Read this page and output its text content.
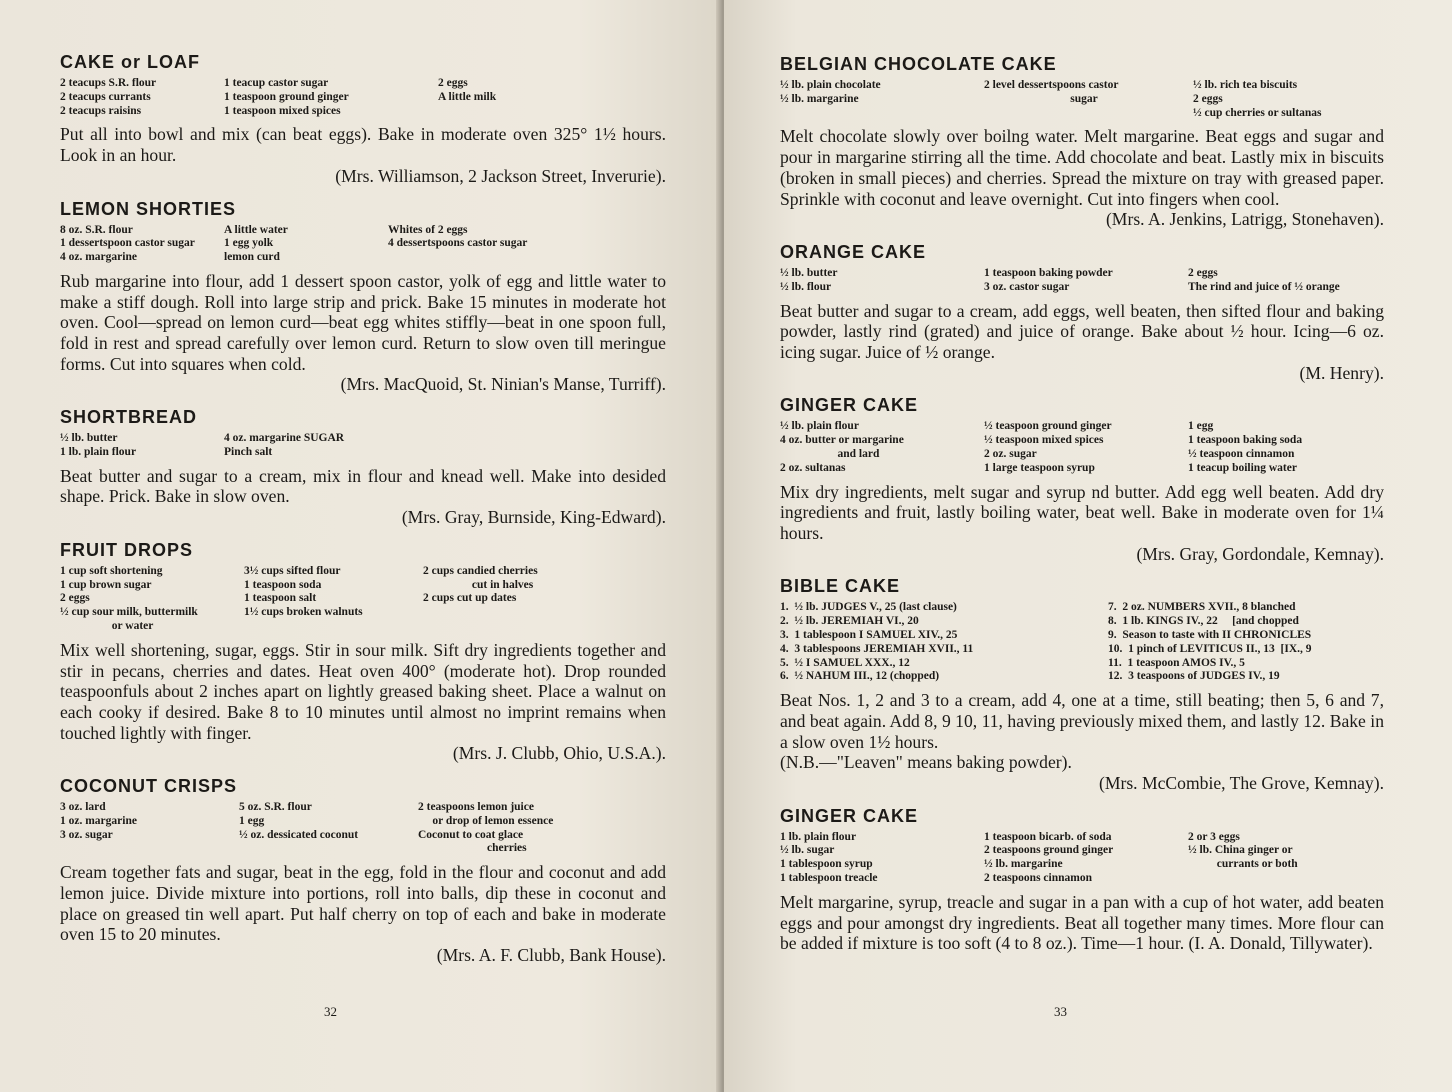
CAKE or LOAF
2 teacups S.R. flour
2 teacups currants
2 teacups raisins
1 teacup castor sugar
1 teaspoon ground ginger
1 teaspoon mixed spices
2 eggs
A little milk

Put all into bowl and mix (can beat eggs). Bake in moderate oven 325° 1½ hours. Look in an hour.

(Mrs. Williamson, 2 Jackson Street, Inverurie).

LEMON SHORTIES
8 oz. S.R. flour
1 dessertspoon castor sugar
4 oz. margarine
A little water
1 egg yolk
lemon curd
Whites of 2 eggs
4 dessertspoons castor sugar

Rub margarine into flour, add 1 dessert spoon castor, yolk of egg and little water to make a stiff dough. Roll into large strip and prick. Bake 15 minutes in moderate hot oven. Cool—spread on lemon curd—beat egg whites stiffly—beat in one spoon full, fold in rest and spread carefully over lemon curd. Return to slow oven till meringue forms. Cut into squares when cold.

(Mrs. MacQuoid, St. Ninian's Manse, Turriff).

SHORTBREAD
½ lb. butter
1 lb. plain flour
4 oz. margarine SUGAR
Pinch salt

Beat butter and sugar to a cream, mix in flour and knead well. Make into desided shape. Prick. Bake in slow oven.

(Mrs. Gray, Burnside, King-Edward).

FRUIT DROPS
1 cup soft shortening
1 cup brown sugar
2 eggs
½ cup sour milk, buttermilk
or water
3½ cups sifted flour
1 teaspoon soda
1 teaspoon salt
1½ cups broken walnuts
2 cups candied cherries
cut in halves
2 cups cut up dates

Mix well shortening, sugar, eggs. Stir in sour milk. Sift dry ingredients together and stir in pecans, cherries and dates. Heat oven 400° (moderate hot). Drop rounded teaspoonfuls about 2 inches apart on lightly greased baking sheet. Place a walnut on each cooky if desired. Bake 8 to 10 minutes until almost no imprint remains when touched lightly with finger.

(Mrs. J. Clubb, Ohio, U.S.A.).

COCONUT CRISPS
3 oz. lard
1 oz. margarine
3 oz. sugar
5 oz. S.R. flour
1 egg
½ oz. dessicated coconut
2 teaspoons lemon juice
or drop of lemon essence
Coconut to coat glace
cherries

Cream together fats and sugar, beat in the egg, fold in the flour and coconut and add lemon juice. Divide mixture into portions, roll into balls, dip these in coconut and place on greased tin well apart. Put half cherry on top of each and bake in moderate oven 15 to 20 minutes.

(Mrs. A. F. Clubb, Bank House).

32
BELGIAN CHOCOLATE CAKE
½ lb. plain chocolate
½ lb. margarine
2 level dessertspoons castor
sugar
½ lb. rich tea biscuits
2 eggs
½ cup cherries or sultanas

Melt chocolate slowly over boilng water. Melt margarine. Beat eggs and sugar and pour in margarine stirring all the time. Add chocolate and beat. Lastly mix in biscuits (broken in small pieces) and cherries. Spread the mixture on tray with greased paper. Sprinkle with coconut and leave overnight. Cut into fingers when cool.

(Mrs. A. Jenkins, Latrigg, Stonehaven).

ORANGE CAKE
½ lb. butter
½ lb. flour
1 teaspoon baking powder
3 oz. castor sugar
2 eggs
The rind and juice of ½ orange

Beat butter and sugar to a cream, add eggs, well beaten, then sifted flour and baking powder, lastly rind (grated) and juice of orange. Bake about ½ hour. Icing—6 oz. icing sugar. Juice of ½ orange.

(M. Henry).

GINGER CAKE
½ lb. plain flour
4 oz. butter or margarine
and lard
2 oz. sultanas
½ teaspoon ground ginger
½ teaspoon mixed spices
2 oz. sugar
1 large teaspoon syrup
1 egg
1 teaspoon baking soda
½ teaspoon cinnamon
1 teacup boiling water

Mix dry ingredients, melt sugar and syrup nd butter. Add egg well beaten. Add dry ingredients and fruit, lastly boiling water, beat well. Bake in moderate oven for 1¼ hours.

(Mrs. Gray, Gordondale, Kemnay).

BIBLE CAKE
1.  ½ lb. JUDGES V., 25 (last clause)
2.  ½ lb. JEREMIAH VI., 20
3.  1 tablespoon I SAMUEL XIV., 25
4.  3 tablespoons JEREMIAH XVII., 11
5.  ½ I SAMUEL XXX., 12
6.  ½ NAHUM III., 12 (chopped)
7.  2 oz. NUMBERS XVII., 8 blanched
8.  1 lb. KINGS IV., 22     [and chopped
9.  Season to taste with II CHRONICLES
10.  1 pinch of LEVITICUS II., 13  [IX., 9
11.  1 teaspoon AMOS IV., 5
12.  3 teaspoons of JUDGES IV., 19

Beat Nos. 1, 2 and 3 to a cream, add 4, one at a time, still beating; then 5, 6 and 7, and beat again. Add 8, 9 10, 11, having previously mixed them, and lastly 12. Bake in a slow oven 1½ hours.

(N.B.—"Leaven" means baking powder).

(Mrs. McCombie, The Grove, Kemnay).

GINGER CAKE
1 lb. plain flour
½ lb. sugar
1 tablespoon syrup
1 tablespoon treacle
1 teaspoon bicarb. of soda
2 teaspoons ground ginger
½ lb. margarine
2 teaspoons cinnamon
2 or 3 eggs
½ lb. China ginger or
currants or both

Melt margarine, syrup, treacle and sugar in a pan with a cup of hot water, add beaten eggs and pour amongst dry ingredients. Beat all together many times. More flour can be added if mixture is too soft (4 to 8 oz.). Time—1 hour. (I. A. Donald, Tillywater).

33
